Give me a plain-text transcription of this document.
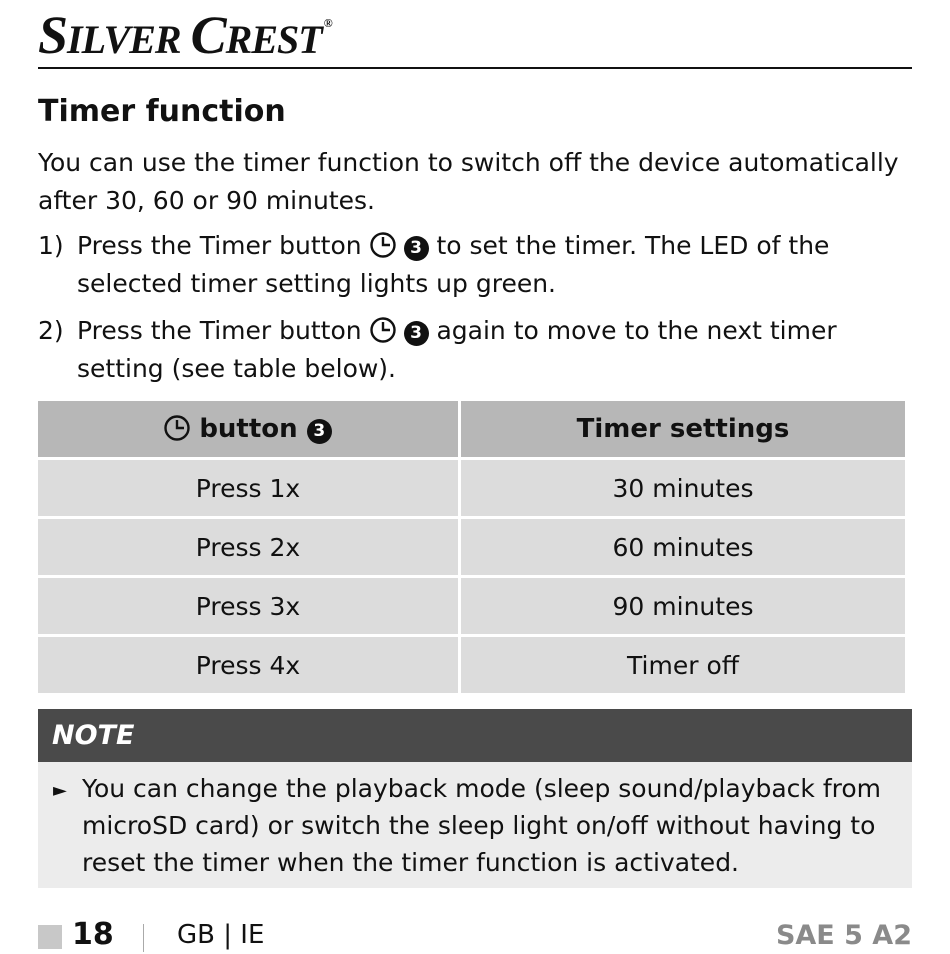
SILVER CREST ®
Timer function

You can use the timer function to switch off the device automatically after 30, 60 or 90 minutes.

1) Press the Timer button	3 to set the timer. The LED of the selected timer setting lights up green.
2) Press the Timer button	3 again to move to the next timer setting (see table below).
button 3	Timer settings
Press 1x	30 minutes
Press 2x	60 minutes
Press 3x	90 minutes
Press 4x	Timer off
NOTE
► You can change the playback mode (sleep sound/playback from microSD card) or switch the sleep light on/off without having to reset the timer when the timer function is activated.
18 GB | IE	SAE 5 A2
